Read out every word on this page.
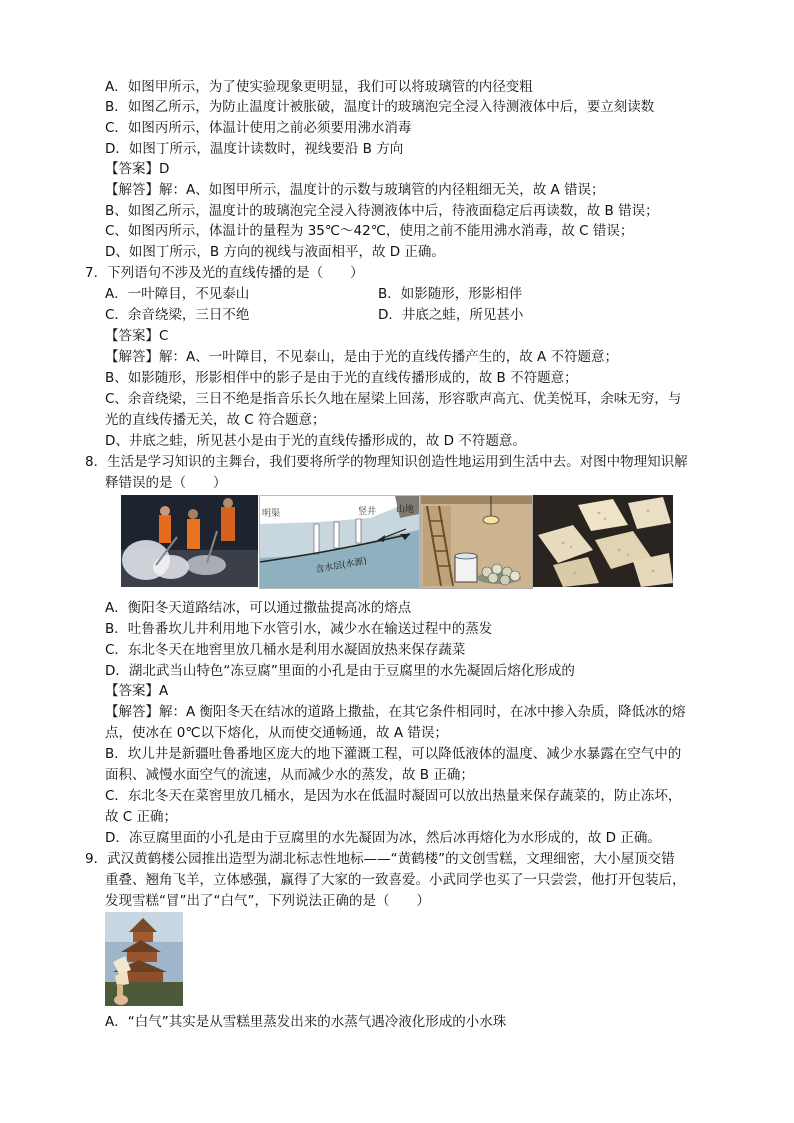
A．如图甲所示，为了使实验现象更明显，我们可以将玻璃管的内径变粗
B．如图乙所示，为防止温度计被胀破，温度计的玻璃泡完全浸入待测液体中后，要立刻读数
C．如图丙所示，体温计使用之前必须要用沸水消毒
D．如图丁所示，温度计读数时，视线要沿 B 方向
【答案】D
【解答】解：A、如图甲所示，温度计的示数与玻璃管的内径粗细无关，故 A 错误；
B、如图乙所示，温度计的玻璃泡完全浸入待测液体中后，待液面稳定后再读数，故 B 错误；
C、如图丙所示，体温计的量程为 35℃～42℃，使用之前不能用沸水消毒，故 C 错误；
D、如图丁所示，B 方向的视线与液面相平，故 D 正确。
7．下列语句不涉及光的直线传播的是（　　）
A．一叶障目，不见泰山	B．如影随形，形影相伴
C．余音绕梁，三日不绝	D．井底之蛙，所见甚小
【答案】C
【解答】解：A、一叶障目，不见泰山，是由于光的直线传播产生的，故 A 不符题意；
B、如影随形，形影相伴中的影子是由于光的直线传播形成的，故 B 不符题意；
C、余音绕梁，三日不绝是指音乐长久地在屋梁上回荡，形容歌声高亢、优美悦耳，余味无穷，与
光的直线传播无关，故 C 符合题意；
D、井底之蛙，所见甚小是由于光的直线传播形成的，故 D 不符题意。
8．生活是学习知识的主舞台，我们要将所学的物理知识创造性地运用到生活中去。对图中物理知识解
释错误的是（　　）
明渠	竖井 山地
含水层(水源)
A．衡阳冬天道路结冰，可以通过撒盐提高冰的熔点
B．吐鲁番坎儿井利用地下水管引水，减少水在输送过程中的蒸发
C．东北冬天在地窖里放几桶水是利用水凝固放热来保存蔬菜
D．湖北武当山特色“冻豆腐”里面的小孔是由于豆腐里的水先凝固后熔化形成的
【答案】A
【解答】解：A 衡阳冬天在结冰的道路上撒盐，在其它条件相同时，在冰中掺入杂质，降低冰的熔
点，使冰在 0℃以下熔化，从而使交通畅通，故 A 错误；
B．坎儿井是新疆吐鲁番地区庞大的地下灌溉工程，可以降低液体的温度、减少水暴露在空气中的
面积、减慢水面空气的流速，从而减少水的蒸发，故 B 正确；
C．东北冬天在菜窖里放几桶水，是因为水在低温时凝固可以放出热量来保存蔬菜的，防止冻坏，
故 C 正确；
D．冻豆腐里面的小孔是由于豆腐里的水先凝固为冰，然后冰再熔化为水形成的，故 D 正确。
9．武汉黄鹤楼公园推出造型为湖北标志性地标——“黄鹤楼”的文创雪糕，文理细密，大小屋顶交错
重叠、翘角飞羊，立体感强，赢得了大家的一致喜爱。小武同学也买了一只尝尝，他打开包装后，
发现雪糕“冒”出了“白气”，下列说法正确的是（　　）
A．“白气”其实是从雪糕里蒸发出来的水蒸气遇冷液化形成的小水珠
